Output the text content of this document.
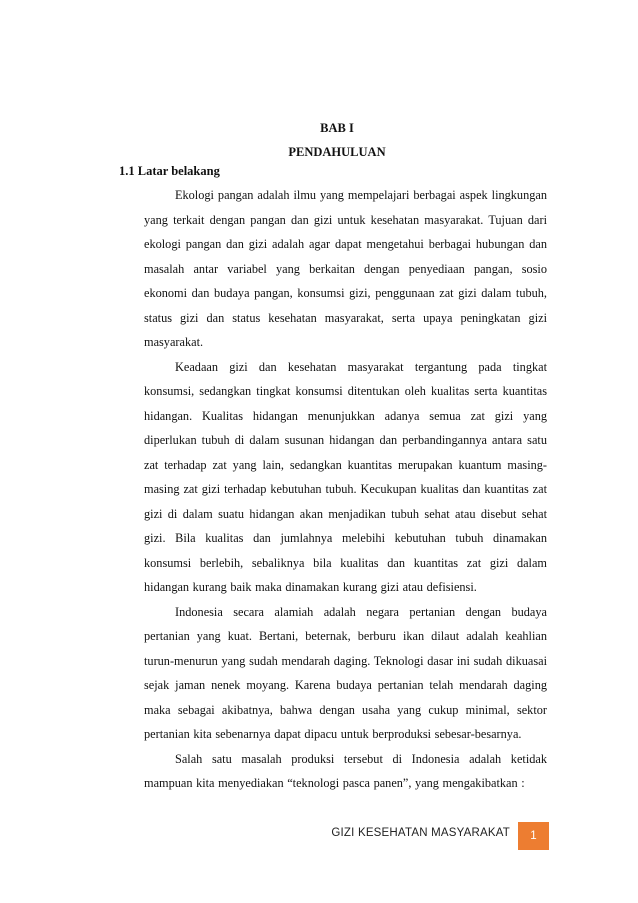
BAB I
PENDAHULUAN
1.1 Latar belakang

Ekologi pangan adalah ilmu yang mempelajari berbagai aspek lingkungan yang terkait dengan pangan dan gizi untuk kesehatan masyarakat. Tujuan dari ekologi pangan dan gizi adalah agar dapat mengetahui berbagai hubungan dan masalah antar variabel yang berkaitan dengan penyediaan pangan, sosio ekonomi dan budaya pangan, konsumsi gizi, penggunaan zat gizi dalam tubuh, status gizi dan status kesehatan masyarakat, serta upaya peningkatan gizi masyarakat.

Keadaan gizi dan kesehatan masyarakat tergantung pada tingkat konsumsi, sedangkan tingkat konsumsi ditentukan oleh kualitas serta kuantitas hidangan. Kualitas hidangan menunjukkan adanya semua zat gizi yang diperlukan tubuh di dalam susunan hidangan dan perbandingannya antara satu zat terhadap zat yang lain, sedangkan kuantitas merupakan kuantum masing-masing zat gizi terhadap kebutuhan tubuh. Kecukupan kualitas dan kuantitas zat gizi di dalam suatu hidangan akan menjadikan tubuh sehat atau disebut sehat gizi. Bila kualitas dan jumlahnya melebihi kebutuhan tubuh dinamakan konsumsi berlebih, sebaliknya bila kualitas dan kuantitas zat gizi dalam hidangan kurang baik maka dinamakan kurang gizi atau defisiensi.

Indonesia secara alamiah adalah negara pertanian dengan budaya pertanian yang kuat. Bertani, beternak, berburu ikan dilaut adalah keahlian turun-menurun yang sudah mendarah daging. Teknologi dasar ini sudah dikuasai sejak jaman nenek moyang. Karena budaya pertanian telah mendarah daging maka sebagai akibatnya, bahwa dengan usaha yang cukup minimal, sektor pertanian kita sebenarnya dapat dipacu untuk berproduksi sebesar-besarnya.

Salah satu masalah produksi tersebut di Indonesia adalah ketidak mampuan kita menyediakan “teknologi pasca panen”, yang mengakibatkan :

GIZI KESEHATAN MASYARAKAT	1
